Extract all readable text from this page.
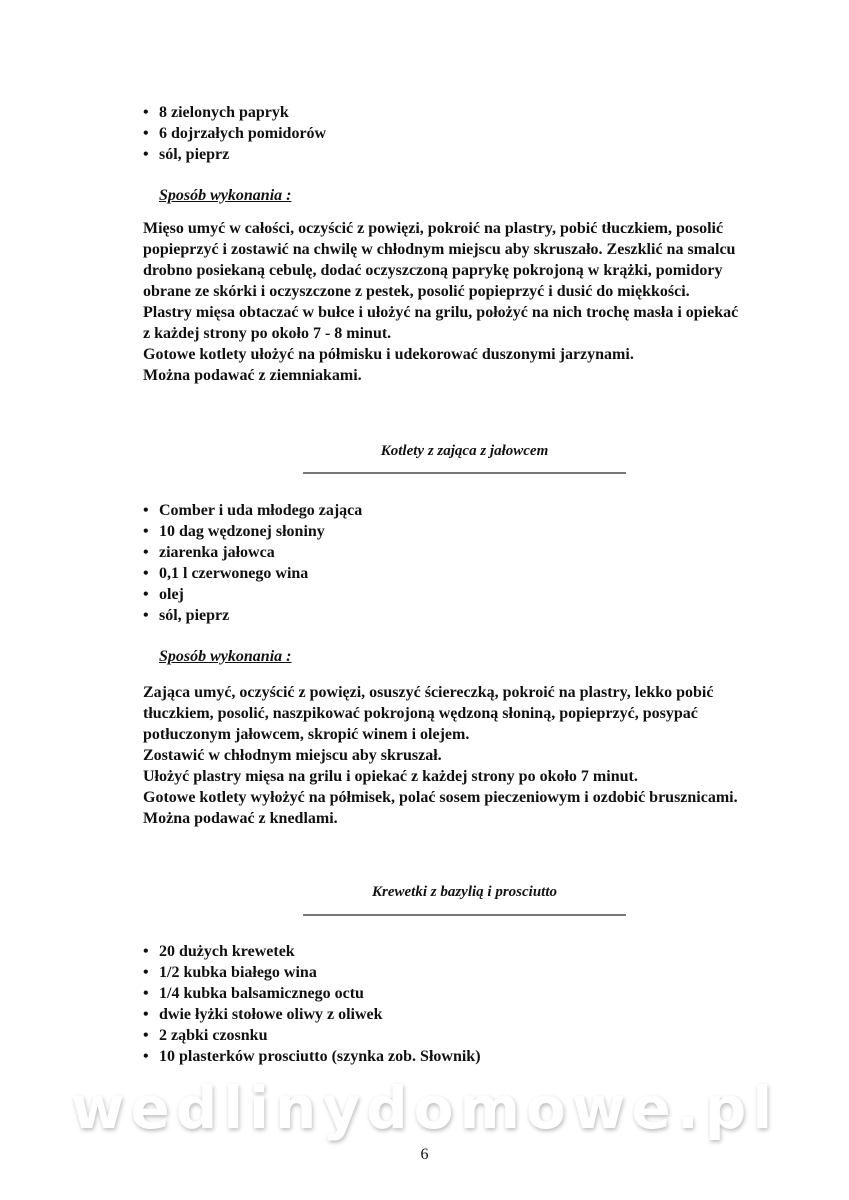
wedlinydomowe.pl
• 8 zielonych papryk
• 6 dojrzałych pomidorów
• sól, pieprz
Sposób wykonania :
Mięso umyć w całości, oczyścić z powięzi, pokroić na plastry, pobić tłuczkiem, posolić
popieprzyć i zostawić na chwilę w chłodnym miejscu aby skruszało. Zeszklić na smalcu
drobno posiekaną cebulę, dodać oczyszczoną paprykę pokrojoną w krążki, pomidory
obrane ze skórki i oczyszczone z pestek, posolić popieprzyć i dusić do miękkości.
Plastry mięsa obtaczać w bułce i ułożyć na grilu, położyć na nich trochę masła i opiekać
z każdej strony po około 7 - 8 minut.
Gotowe kotlety ułożyć na półmisku i udekorować duszonymi jarzynami.
Można podawać z ziemniakami.
Kotlety z zająca z jałowcem
• Comber i uda młodego zająca
• 10 dag wędzonej słoniny
• ziarenka jałowca
• 0,1 l czerwonego wina
• olej
• sól, pieprz
Sposób wykonania :
Zająca umyć, oczyścić z powięzi, osuszyć ściereczką, pokroić na plastry, lekko pobić
tłuczkiem, posolić, naszpikować pokrojoną wędzoną słoniną, popieprzyć, posypać
potłuczonym jałowcem, skropić winem i olejem.
Zostawić w chłodnym miejscu aby skruszał.
Ułożyć plastry mięsa na grilu i opiekać z każdej strony po około 7 minut.
Gotowe kotlety wyłożyć na półmisek, polać sosem pieczeniowym i ozdobić brusznicami.
Można podawać z knedlami.
Krewetki z bazylią i prosciutto
• 20 dużych krewetek
• 1/2 kubka białego wina
• 1/4 kubka balsamicznego octu
• dwie łyżki stołowe oliwy z oliwek
• 2 ząbki czosnku
• 10 plasterków prosciutto (szynka zob. Słownik)
6
